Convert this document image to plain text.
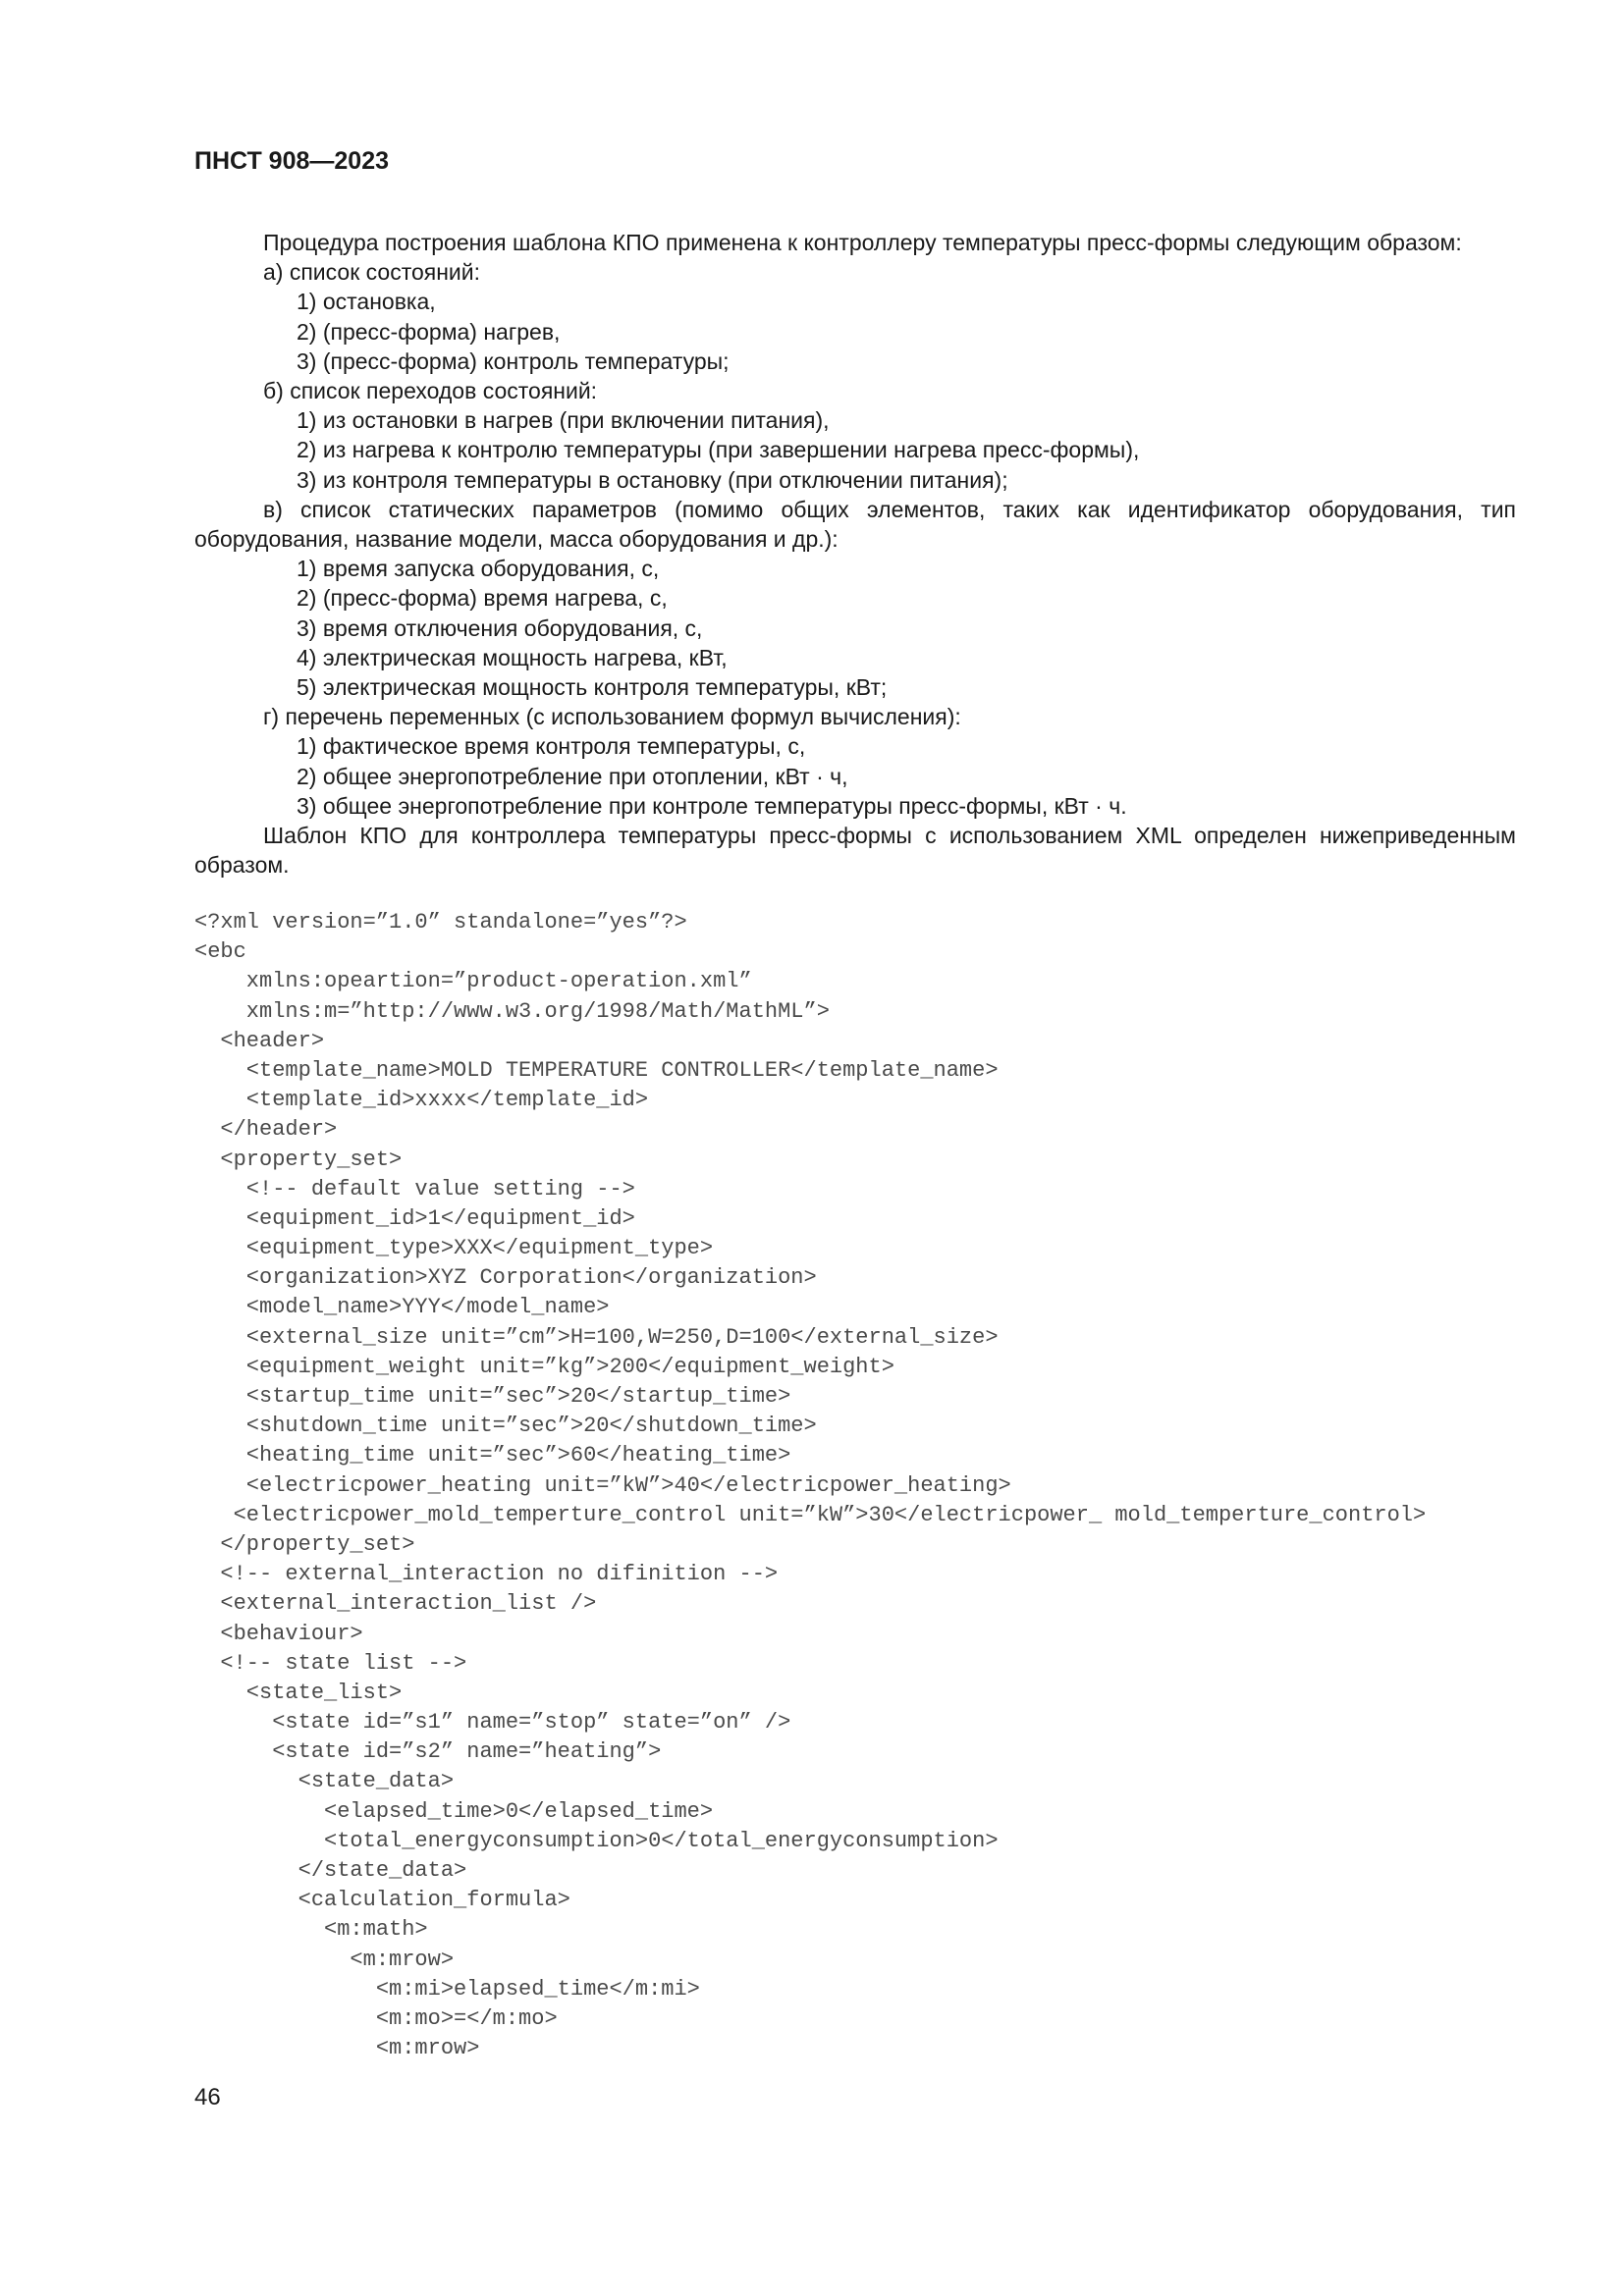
ПНСТ 908—2023

Процедура построения шаблона КПО применена к контроллеру температуры пресс-формы следующим образом:

а) список состояний:

1) остановка,

2) (пресс-форма) нагрев,

3) (пресс-форма) контроль температуры;

б) список переходов состояний:

1) из остановки в нагрев (при включении питания),

2) из нагрева к контролю температуры (при завершении нагрева пресс-формы),

3) из контроля температуры в остановку (при отключении питания);

в) список статических параметров (помимо общих элементов, таких как идентификатор оборудования, тип оборудования, название модели, масса оборудования и др.):

1) время запуска оборудования, с,

2) (пресс-форма) время нагрева, с,

3) время отключения оборудования, с,

4) электрическая мощность нагрева, кВт,

5) электрическая мощность контроля температуры, кВт;

г) перечень переменных (с использованием формул вычисления):

1) фактическое время контроля температуры, с,

2) общее энергопотребление при отоплении, кВт · ч,

3) общее энергопотребление при контроле температуры пресс-формы, кВт · ч.

Шаблон КПО для контроллера температуры пресс-формы с использованием XML определен нижеприведенным образом.

<?xml version=”1.0” standalone=”yes”?>
<ebc
xmlns:opeartion=”product-operation.xml”
xmlns:m=”http://www.w3.org/1998/Math/MathML”>
<header>
<template_name>MOLD TEMPERATURE CONTROLLER</template_name>
<template_id>xxxx</template_id>
</header>
<property_set>
<!-- default value setting -->
<equipment_id>1</equipment_id>
<equipment_type>XXX</equipment_type>
<organization>XYZ Corporation</organization>
<model_name>YYY</model_name>
<external_size unit=”cm”>H=100,W=250,D=100</external_size>
<equipment_weight unit=”kg”>200</equipment_weight>
<startup_time unit=”sec”>20</startup_time>
<shutdown_time unit=”sec”>20</shutdown_time>
<heating_time unit=”sec”>60</heating_time>
<electricpower_heating unit=”kW”>40</electricpower_heating>
<electricpower_mold_temperture_control unit=”kW”>30</electricpower_ mold_temperture_control>
</property_set>
<!-- external_interaction no difinition -->
<external_interaction_list />
<behaviour>
<!-- state list -->
<state_list>
<state id=”s1” name=”stop” state=”on” />
<state id=”s2” name=”heating”>
<state_data>
<elapsed_time>0</elapsed_time>
<total_energyconsumption>0</total_energyconsumption>
</state_data>
<calculation_formula>
<m:math>
<m:mrow>
<m:mi>elapsed_time</m:mi>
<m:mo>=</m:mo>
<m:mrow>
46
